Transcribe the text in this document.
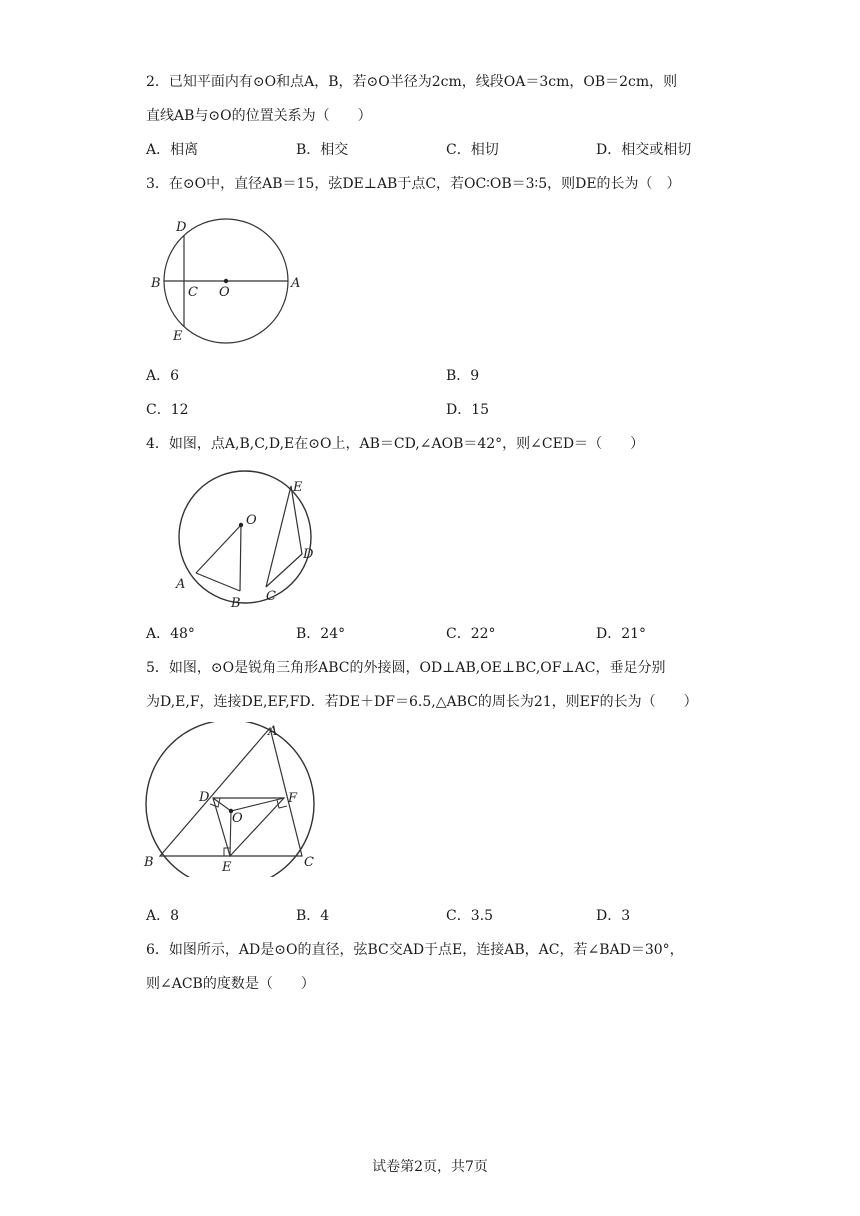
2．已知平面内有⊙O和点A，B，若⊙O半径为2cm，线段OA＝3cm，OB＝2cm，则
直线AB与⊙O的位置关系为（　　）
A．相离	B．相交	C．相切	D．相交或相切
3．在⊙O中，直径AB＝15，弦DE⊥AB于点C，若OC∶OB＝3∶5，则DE的长为（　）
D
B
C O
A
E
A．6	B．9
C．12	D．15
4．如图，点A,B,C,D,E在⊙O上，AB＝CD,∠AOB＝42°，则∠CED＝（　　）
O
E
D
A
B C
A．48°	B．24°	C．22°	D．21°
5．如图，⊙O是锐角三角形ABC的外接圆，OD⊥AB,OE⊥BC,OF⊥AC，垂足分别
为D,E,F，连接DE,EF,FD．若DE＋DF＝6.5,△ABC的周长为21，则EF的长为（　　）
A
D	F
O
B	E	C
A．8	B．4	C．3.5	D．3
6．如图所示，AD是⊙O的直径，弦BC交AD于点E，连接AB，AC，若∠BAD＝30°，
则∠ACB的度数是（　　）
试卷第2页，共7页
